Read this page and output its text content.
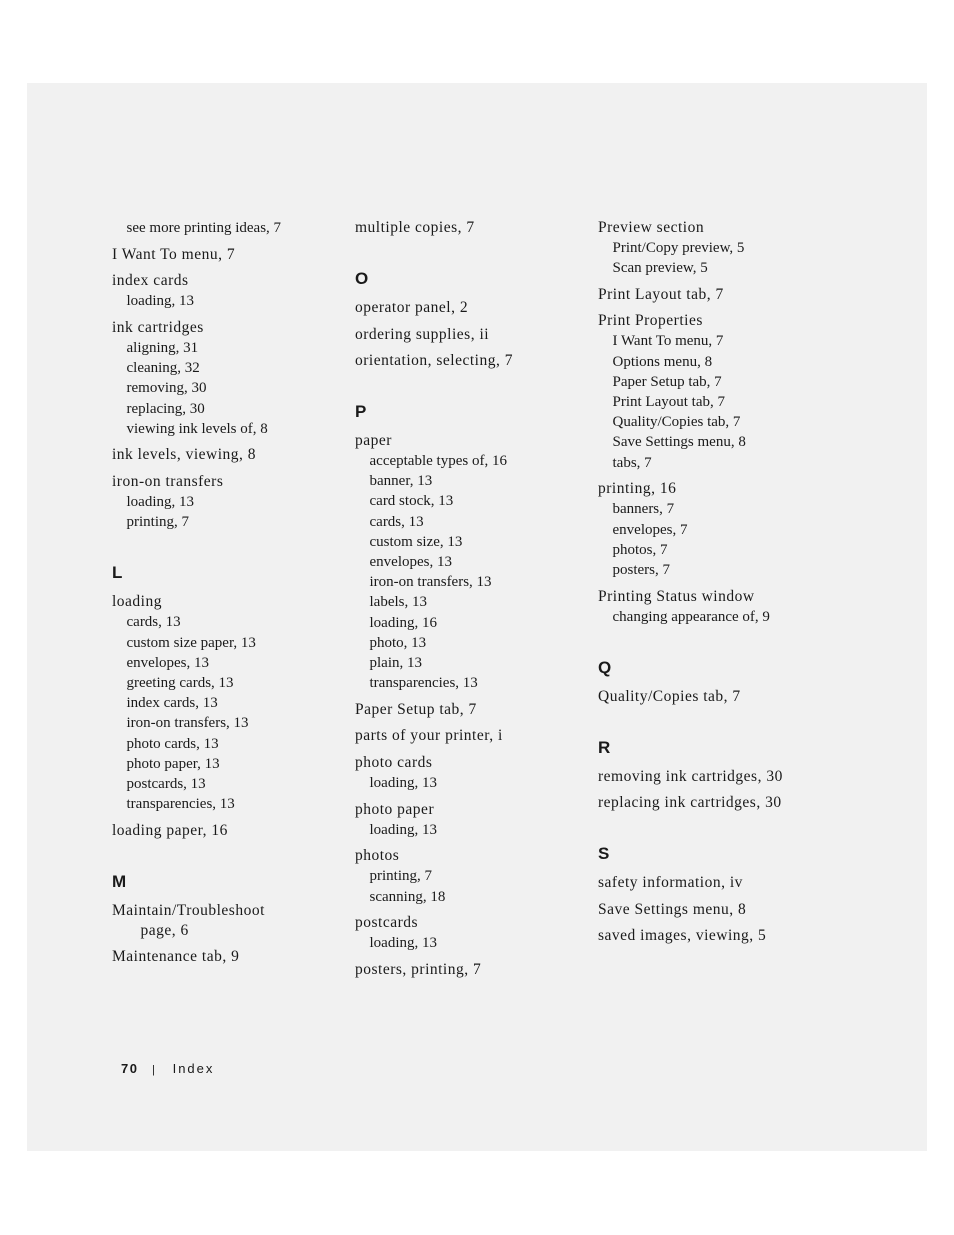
see more printing ideas, 7
I Want To menu, 7
index cards
loading, 13
ink cartridges
aligning, 31
cleaning, 32
removing, 30
replacing, 30
viewing ink levels of, 8
ink levels, viewing, 8
iron-on transfers
loading, 13
printing, 7
L
loading
cards, 13
custom size paper, 13
envelopes, 13
greeting cards, 13
index cards, 13
iron-on transfers, 13
photo cards, 13
photo paper, 13
postcards, 13
transparencies, 13
loading paper, 16
M
Maintain/Troubleshoot
page, 6
Maintenance tab, 9
multiple copies, 7
O
operator panel, 2
ordering supplies, ii
orientation, selecting, 7
P
paper
acceptable types of, 16
banner, 13
card stock, 13
cards, 13
custom size, 13
envelopes, 13
iron-on transfers, 13
labels, 13
loading, 16
photo, 13
plain, 13
transparencies, 13
Paper Setup tab, 7
parts of your printer, i
photo cards
loading, 13
photo paper
loading, 13
photos
printing, 7
scanning, 18
postcards
loading, 13
posters, printing, 7
Preview section
Print/Copy preview, 5
Scan preview, 5
Print Layout tab, 7
Print Properties
I Want To menu, 7
Options menu, 8
Paper Setup tab, 7
Print Layout tab, 7
Quality/Copies tab, 7
Save Settings menu, 8
tabs, 7
printing, 16
banners, 7
envelopes, 7
photos, 7
posters, 7
Printing Status window
changing appearance of, 9
Q
Quality/Copies tab, 7
R
removing ink cartridges, 30
replacing ink cartridges, 30
S
safety information, iv
Save Settings menu, 8
saved images, viewing, 5
70 | Index
